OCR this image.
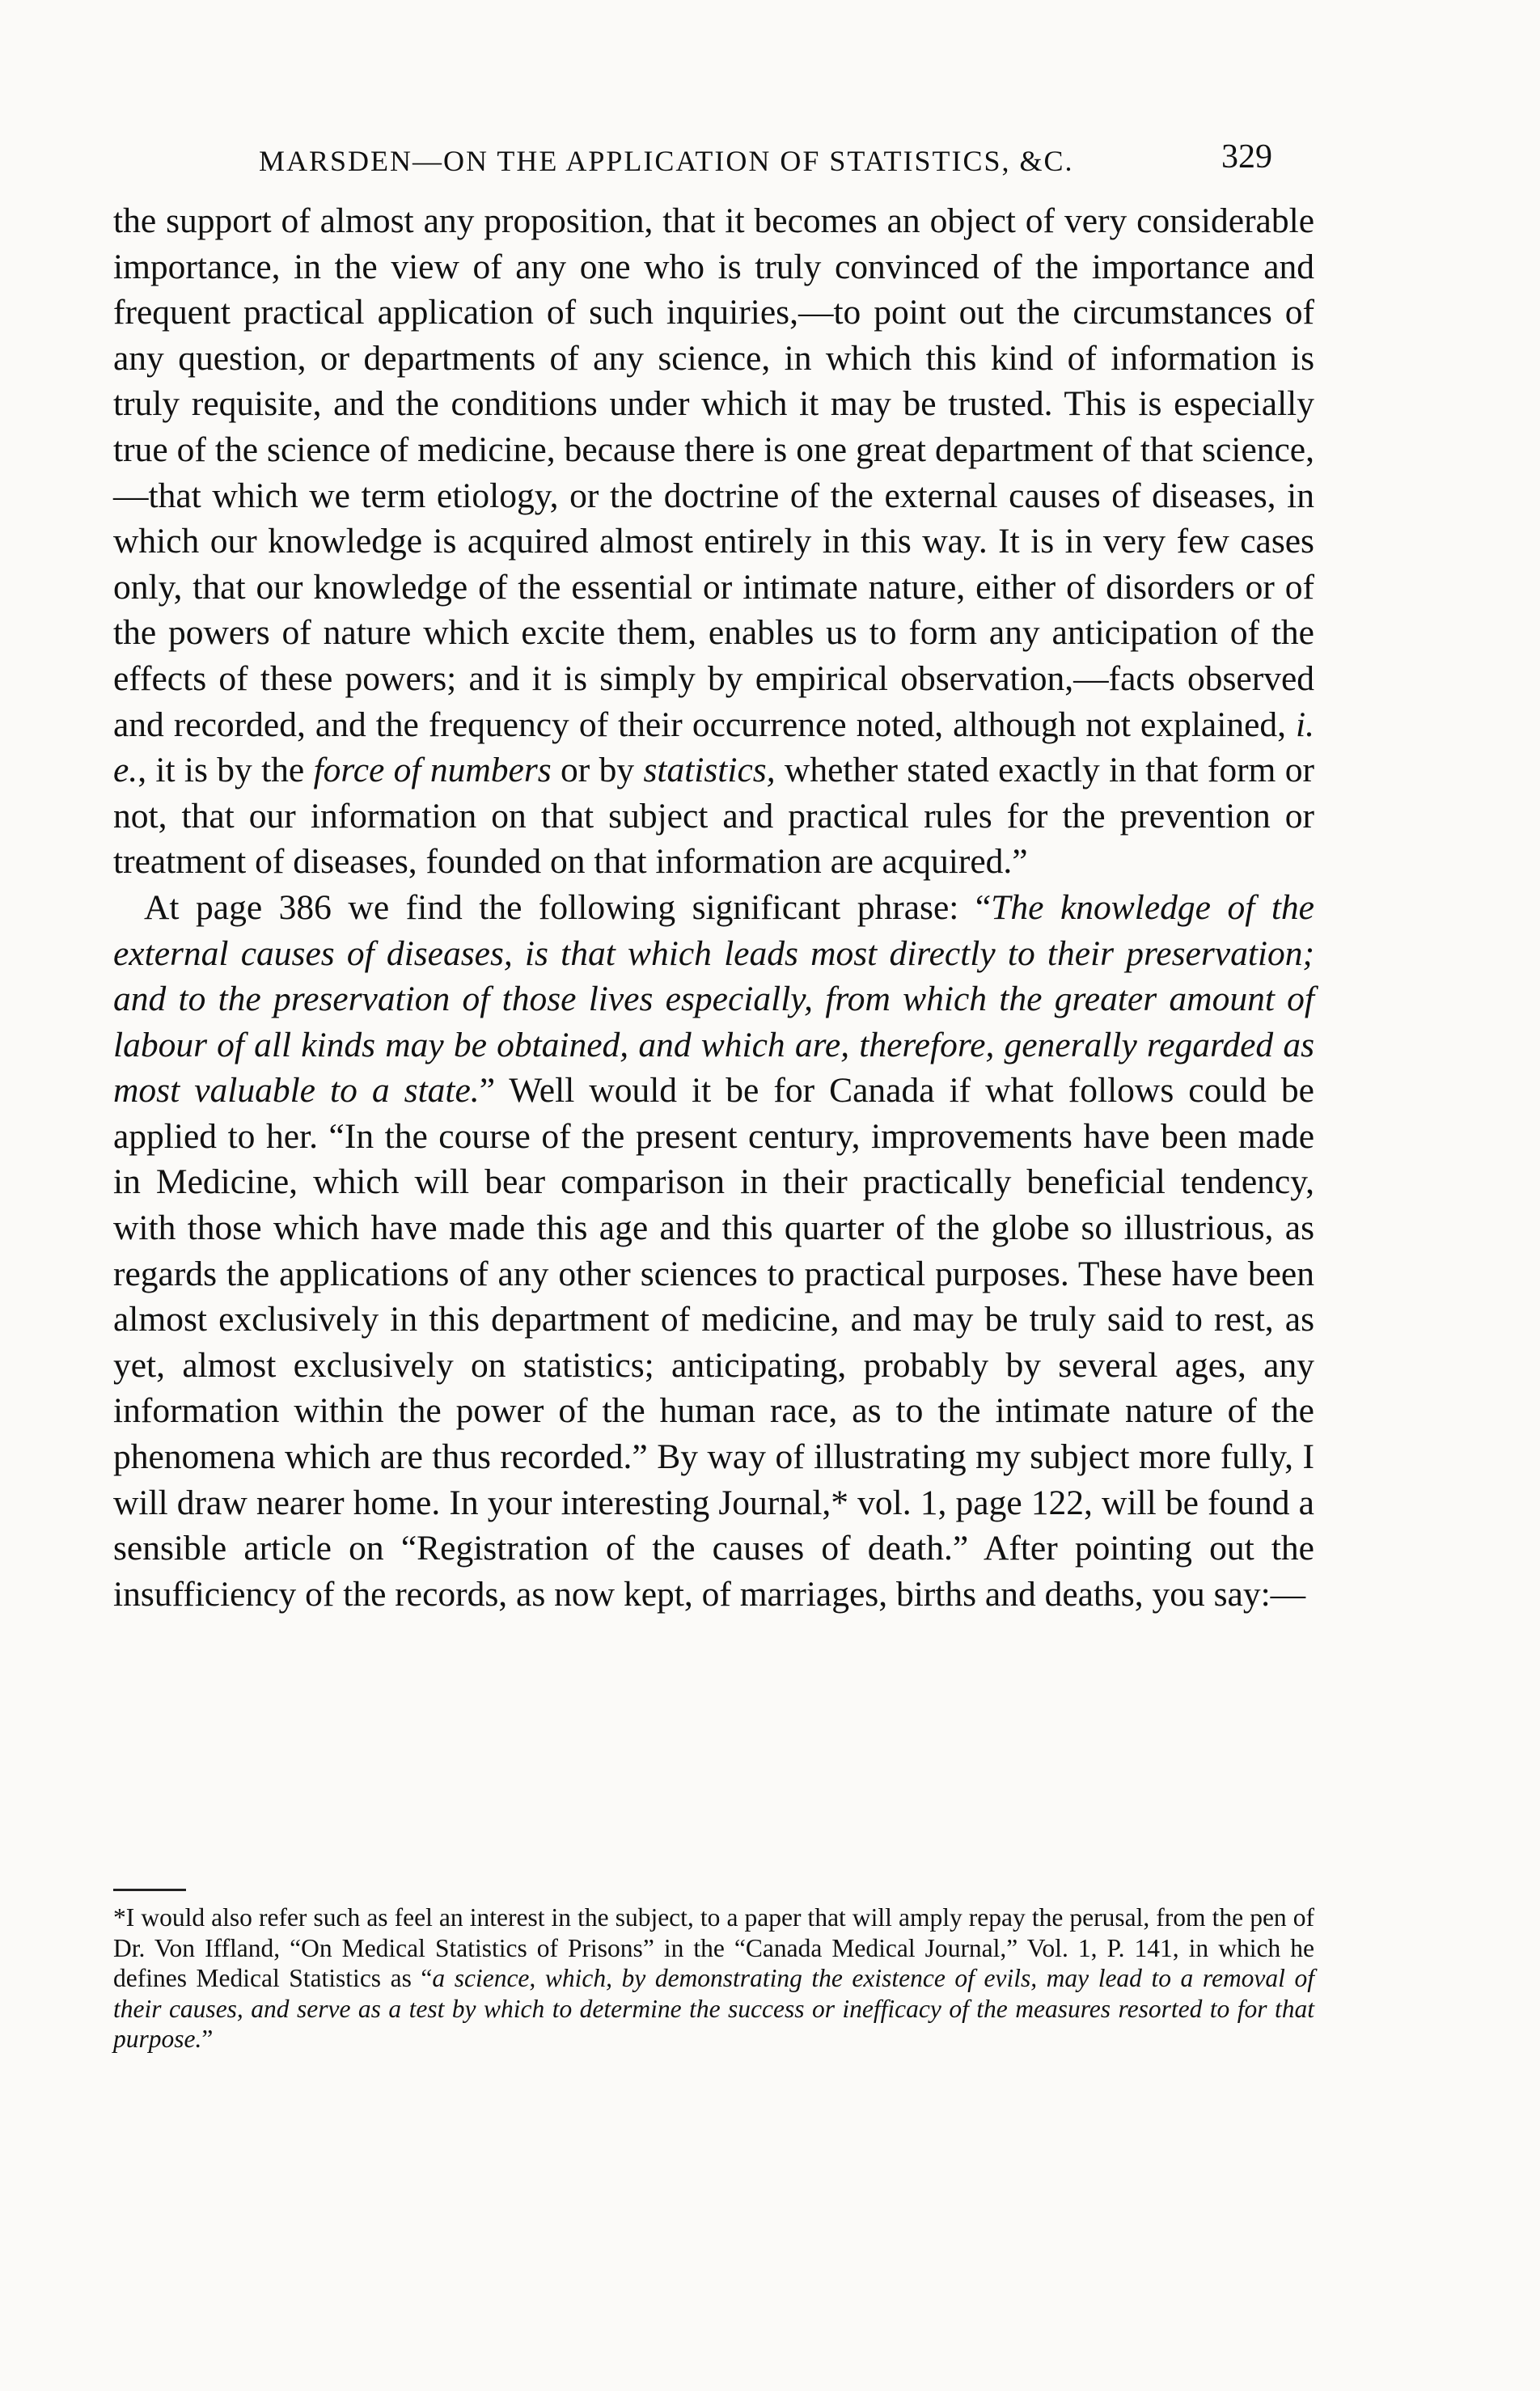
MARSDEN—ON THE APPLICATION OF STATISTICS, &C.	329

the support of almost any proposition, that it becomes an object of very considerable importance, in the view of any one who is truly convinced of the importance and frequent practical application of such inquiries,—to point out the circumstances of any question, or departments of any science, in which this kind of information is truly requisite, and the conditions under which it may be trusted. This is especially true of the science of medicine, because there is one great department of that science,—that which we term etiology, or the doctrine of the external causes of diseases, in which our knowledge is acquired almost entirely in this way. It is in very few cases only, that our knowledge of the essential or intimate nature, either of disorders or of the powers of nature which excite them, enables us to form any anticipation of the effects of these powers; and it is simply by empirical observation,—facts observed and recorded, and the frequency of their occurrence noted, although not explained, i. e., it is by the force of numbers or by statistics, whether stated exactly in that form or not, that our information on that subject and practical rules for the prevention or treatment of diseases, founded on that information are acquired.”

At page 386 we find the following significant phrase: “The knowledge of the external causes of diseases, is that which leads most directly to their preservation; and to the preservation of those lives especially, from which the greater amount of labour of all kinds may be obtained, and which are, therefore, generally regarded as most valuable to a state.” Well would it be for Canada if what follows could be applied to her. “In the course of the present century, improvements have been made in Medicine, which will bear comparison in their practically beneficial tendency, with those which have made this age and this quarter of the globe so illustrious, as regards the applications of any other sciences to practical purposes. These have been almost exclusively in this department of medicine, and may be truly said to rest, as yet, almost exclusively on statistics; anticipating, probably by several ages, any information within the power of the human race, as to the intimate nature of the phenomena which are thus recorded.” By way of illustrating my subject more fully, I will draw nearer home. In your interesting Journal,* vol. 1, page 122, will be found a sensible article on “Registration of the causes of death.” After pointing out the insufficiency of the records, as now kept, of marriages, births and deaths, you say:—

*I would also refer such as feel an interest in the subject, to a paper that will amply repay the perusal, from the pen of Dr. Von Iffland, “On Medical Statistics of Prisons” in the “Canada Medical Journal,” Vol. 1, P. 141, in which he defines Medical Statistics as “a science, which, by demonstrating the existence of evils, may lead to a removal of their causes, and serve as a test by which to determine the success or inefficacy of the measures resorted to for that purpose.”
